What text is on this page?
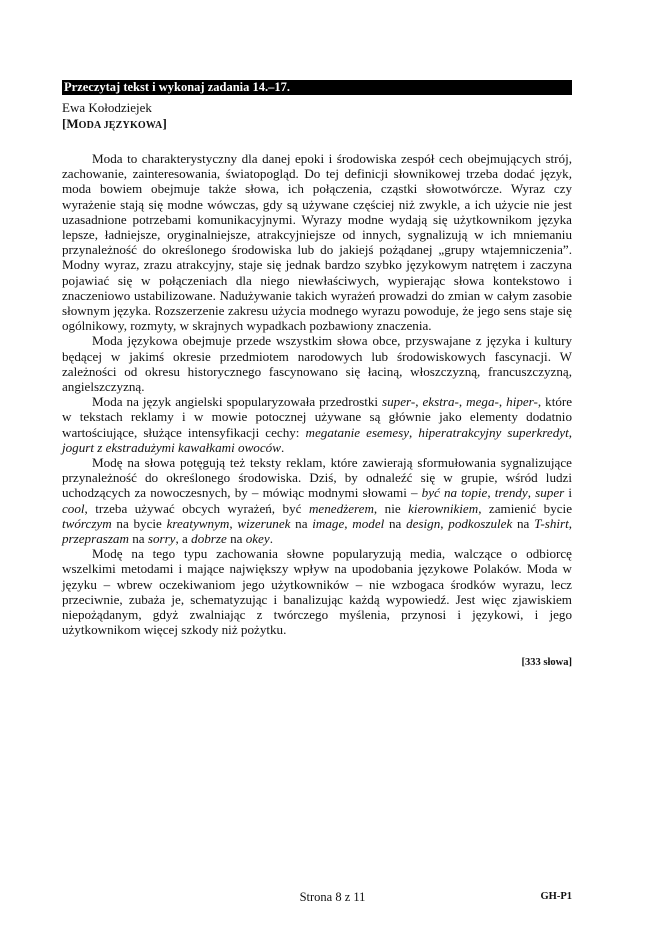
Przeczytaj tekst i wykonaj zadania 14.–17.
Ewa Kołodziejek
[MODA JĘZYKOWA]

Moda to charakterystyczny dla danej epoki i środowiska zespół cech obejmujących strój, zachowanie, zainteresowania, światopogląd. Do tej definicji słownikowej trzeba dodać język, moda bowiem obejmuje także słowa, ich połączenia, cząstki słowotwórcze. Wyraz czy wyrażenie stają się modne wówczas, gdy są używane częściej niż zwykle, a ich użycie nie jest uzasadnione potrzebami komunikacyjnymi. Wyrazy modne wydają się użytkownikom języka lepsze, ładniejsze, oryginalniejsze, atrakcyjniejsze od innych, sygnalizują w ich mniemaniu przynależność do określonego środowiska lub do jakiejś pożądanej „grupy wtajemniczenia”. Modny wyraz, zrazu atrakcyjny, staje się jednak bardzo szybko językowym natrętem i zaczyna pojawiać się w połączeniach dla niego niewłaściwych, wypierając słowa kontekstowo i znaczeniowo ustabilizowane. Nadużywanie takich wyrażeń prowadzi do zmian w całym zasobie słownym języka. Rozszerzenie zakresu użycia modnego wyrazu powoduje, że jego sens staje się ogólnikowy, rozmyty, w skrajnych wypadkach pozbawiony znaczenia.

Moda językowa obejmuje przede wszystkim słowa obce, przyswajane z języka i kultury będącej w jakimś okresie przedmiotem narodowych lub środowiskowych fascynacji. W zależności od okresu historycznego fascynowano się łaciną, włoszczyzną, francuszczyzną, angielszczyzną.

Moda na język angielski spopularyzowała przedrostki super-, ekstra-, mega-, hiper-, które w tekstach reklamy i w mowie potocznej używane są głównie jako elementy dodatnio wartościujące, służące intensyfikacji cechy: megatanie esemesy, hiperatrakcyjny superkredyt, jogurt z ekstradużymi kawałkami owoców.

Modę na słowa potęgują też teksty reklam, które zawierają sformułowania sygnalizujące przynależność do określonego środowiska. Dziś, by odnaleźć się w grupie, wśród ludzi uchodzących za nowoczesnych, by – mówiąc modnymi słowami – być na topie, trendy, super i cool, trzeba używać obcych wyrażeń, być menedżerem, nie kierownikiem, zamienić bycie twórczym na bycie kreatywnym, wizerunek na image, model na design, podkoszulek na T-shirt, przepraszam na sorry, a dobrze na okey.

Modę na tego typu zachowania słowne popularyzują media, walczące o odbiorcę wszelkimi metodami i mające największy wpływ na upodobania językowe Polaków. Moda w języku – wbrew oczekiwaniom jego użytkowników – nie wzbogaca środków wyrazu, lecz przeciwnie, zubaża je, schematyzując i banalizując każdą wypowiedź. Jest więc zjawiskiem niepożądanym, gdyż zwalniając z twórczego myślenia, przynosi i językowi, i jego użytkownikom więcej szkody niż pożytku.

[333 słowa]
Strona 8 z 11	GH-P1
